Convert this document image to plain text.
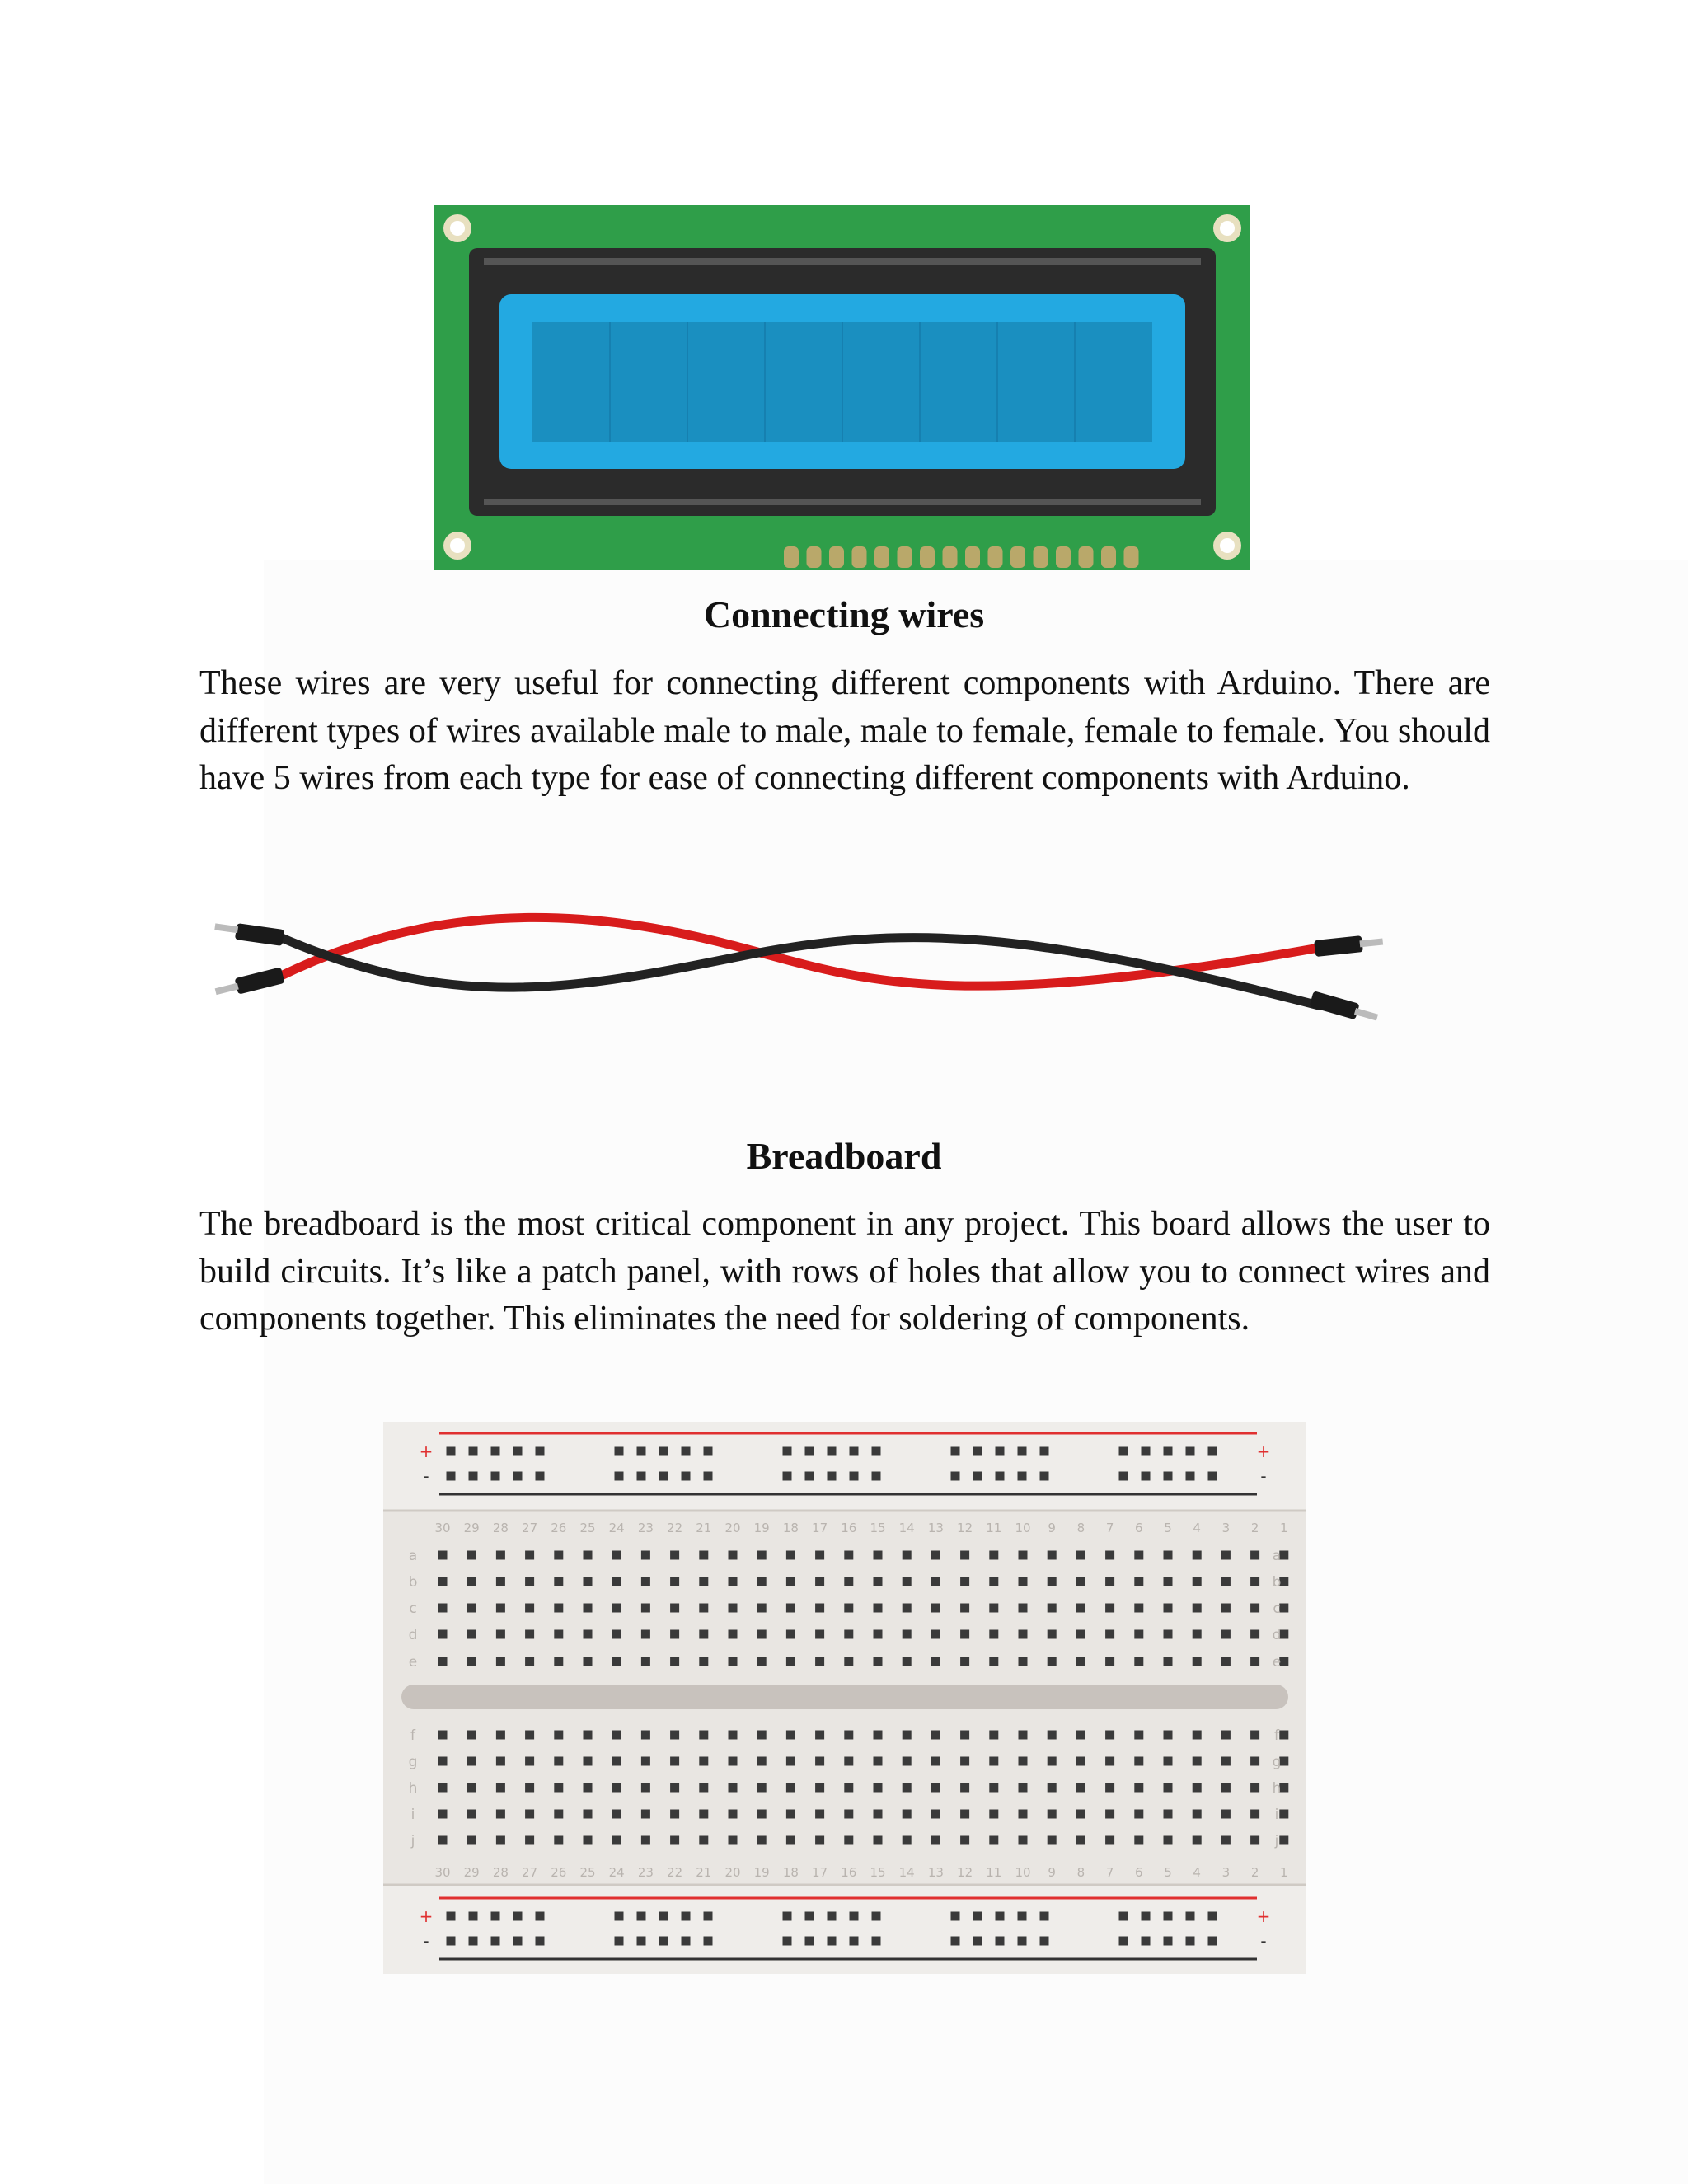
Connecting wires

These wires are very useful for connecting different components with Arduino. There are different types of wires available male to male, male to female, female to female. You should have 5 wires from each type for ease of connecting different components with Arduino.

Breadboard

The breadboard is the most critical component in any project. This board allows the user to build circuits. It’s like a patch panel, with rows of holes that allow you to connect wires and components together. This eliminates the need for soldering of components.

+	+
-	-
+	+
-	-
30 29 28 27 26 25 24 23 22 21 20 19 18 17 16 15 14 13 12 11 10 9 8 7 6 5 4 3 2 1
30 29 28 27 26 25 24 23 22 21 20 19 18 17 16 15 14 13 12 11 10 9 8 7 6 5 4 3 2 1
a	a
b	b
c	c
d	d
e	e
f	f
g	g
h	h
i	i
j	j
